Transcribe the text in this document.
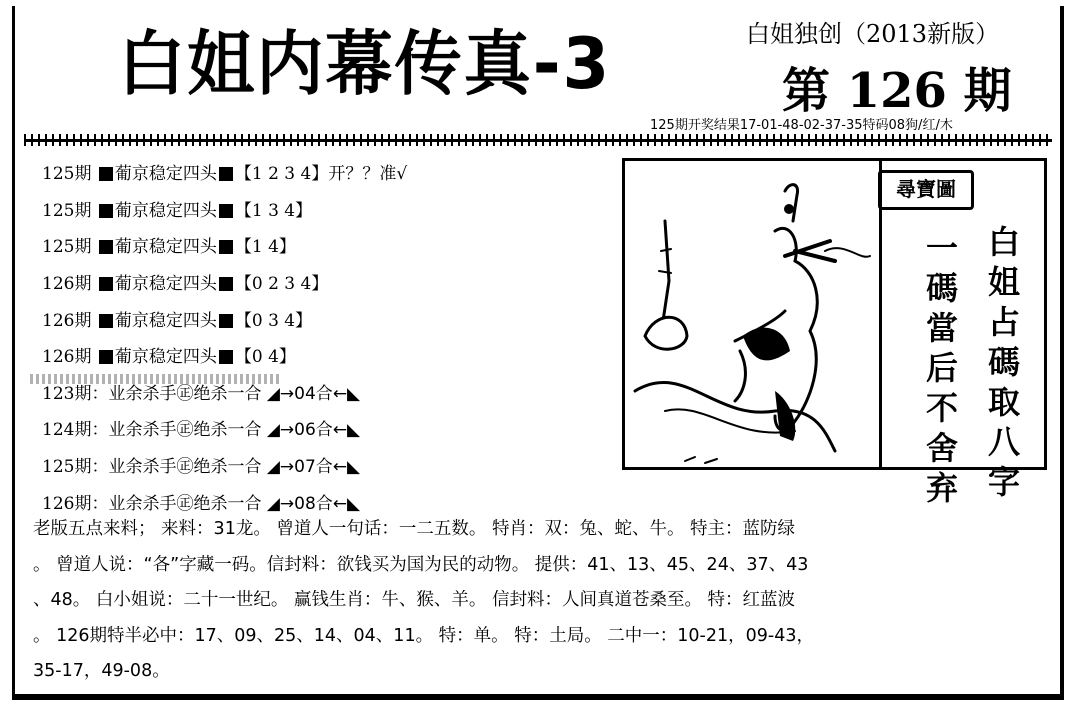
白姐内幕传真-3	白姐独创（2013新版）
第 126 期
125期开奖结果17-01-48-02-37-35特码08狗/红/木
125期
葡京稳定四头 【1 2 3 4】开？？准√
125期
葡京稳定四头 【1 3 4】
125期
葡京稳定四头 【1 4】
126期
葡京稳定四头 【0 2 3 4】
126期
葡京稳定四头 【0 3 4】
126期
葡京稳定四头 【0 4】
123期： 业余杀手㊣绝杀一合
◢→04合←◣
124期： 业余杀手㊣绝杀一合
◢→06合←◣
125期： 业余杀手㊣绝杀一合
◢→07合←◣
126期： 业余杀手㊣绝杀一合
◢→08合←◣
尋寶圖
白姐占碼取八字
一碼當后不舍弃
老版五点来料； 来料：31龙。 曾道人一句话：一二五数。 特肖：双：兔、蛇、牛。 特主：蓝防绿
。 曾道人说：“各”字藏一码。信封料：欲钱买为国为民的动物。 提供：41、13、45、24、37、43
、48。 白小姐说：二十一世纪。 赢钱生肖：牛、猴、羊。 信封料：人间真道苍桑至。 特：红蓝波
。 126期特半必中：17、09、25、14、04、11。 特：单。 特：土局。 二中一：10-21，09-43，
35-17，49-08。
